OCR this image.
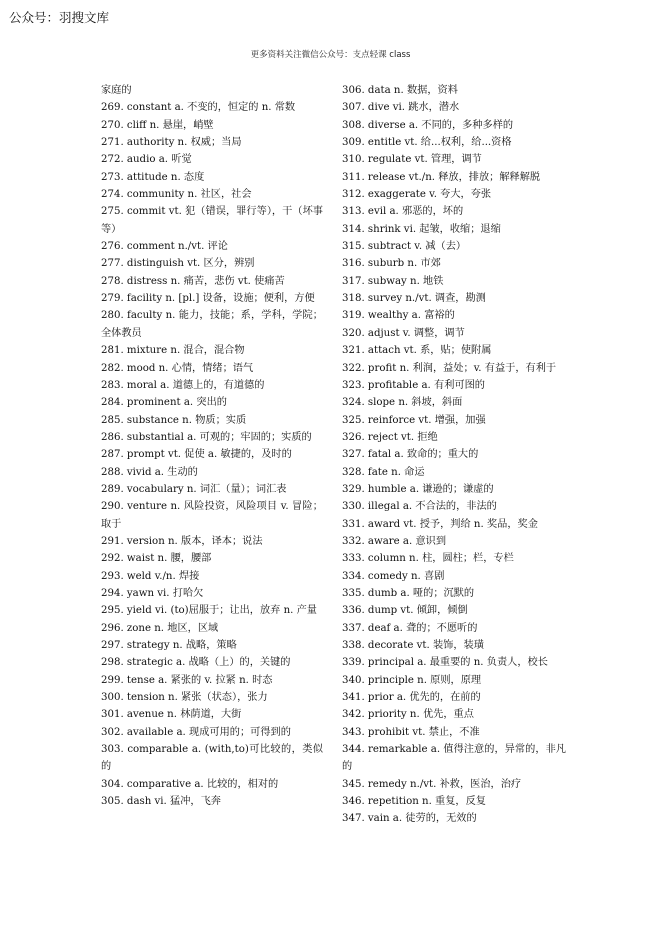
公众号：羽搜文库
更多资料关注微信公众号：支点轻课 class
家庭的
269. constant a. 不变的，恒定的 n. 常数
270. cliff n. 悬崖，峭壁
271. authority n. 权威；当局
272. audio a. 听觉
273. attitude n. 态度
274. community n. 社区，社会
275. commit vt. 犯（错误，罪行等），干（坏事等）
276. comment n./vt. 评论
277. distinguish vt. 区分，辨别
278. distress n. 痛苦，悲伤 vt. 使痛苦
279. facility n. [pl.] 设备，设施；便利，方便
280. faculty n. 能力，技能；系，学科，学院；全体教员
281. mixture n. 混合，混合物
282. mood n. 心情，情绪；语气
283. moral a. 道德上的，有道德的
284. prominent a. 突出的
285. substance n. 物质；实质
286. substantial a. 可观的；牢固的；实质的
287. prompt vt. 促使 a. 敏捷的，及时的
288. vivid a. 生动的
289. vocabulary n. 词汇（量）；词汇表
290. venture n. 风险投资，风险项目 v. 冒险；取于
291. version n. 版本，译本；说法
292. waist n. 腰，腰部
293. weld v./n. 焊接
294. yawn vi. 打哈欠
295. yield vi. (to)屈服于；让出，放弃 n. 产量
296. zone n. 地区，区域
297. strategy n. 战略，策略
298. strategic a. 战略（上）的，关键的
299. tense a. 紧张的 v. 拉紧 n. 时态
300. tension n. 紧张（状态），张力
301. avenue n. 林荫道，大街
302. available a. 现成可用的；可得到的
303. comparable a. (with,to)可比较的，类似的
304. comparative a. 比较的，相对的
305. dash vi. 猛冲，飞奔
306. data n. 数据，资料
307. dive vi. 跳水，潜水
308. diverse a. 不同的，多种多样的
309. entitle vt. 给...权利，给...资格
310. regulate vt. 管理，调节
311. release vt./n. 释放，排放；解释解脱
312. exaggerate v. 夸大，夸张
313. evil a. 邪恶的，坏的
314. shrink vi. 起皱，收缩；退缩
315. subtract v. 减（去）
316. suburb n. 市郊
317. subway n. 地铁
318. survey n./vt. 调查，勘测
319. wealthy a. 富裕的
320. adjust v. 调整，调节
321. attach vt. 系，贴；使附属
322. profit n. 利润，益处；v. 有益于，有利于
323. profitable a. 有利可图的
324. slope n. 斜坡，斜面
325. reinforce vt. 增强，加强
326. reject vt. 拒绝
327. fatal a. 致命的；重大的
328. fate n. 命运
329. humble a. 谦逊的；谦虚的
330. illegal a. 不合法的，非法的
331. award vt. 授予，判给 n. 奖品，奖金
332. aware a. 意识到
333. column n. 柱，圆柱；栏，专栏
334. comedy n. 喜剧
335. dumb a. 哑的；沉默的
336. dump vt. 倾卸，倾倒
337. deaf a. 聋的；不愿听的
338. decorate vt. 装饰，装璜
339. principal a. 最重要的 n. 负责人，校长
340. principle n. 原则，原理
341. prior a. 优先的，在前的
342. priority n. 优先，重点
343. prohibit vt. 禁止，不准
344. remarkable a. 值得注意的，异常的，非凡的
345. remedy n./vt. 补救，医治，治疗
346. repetition n. 重复，反复
347. vain a. 徒劳的，无效的
